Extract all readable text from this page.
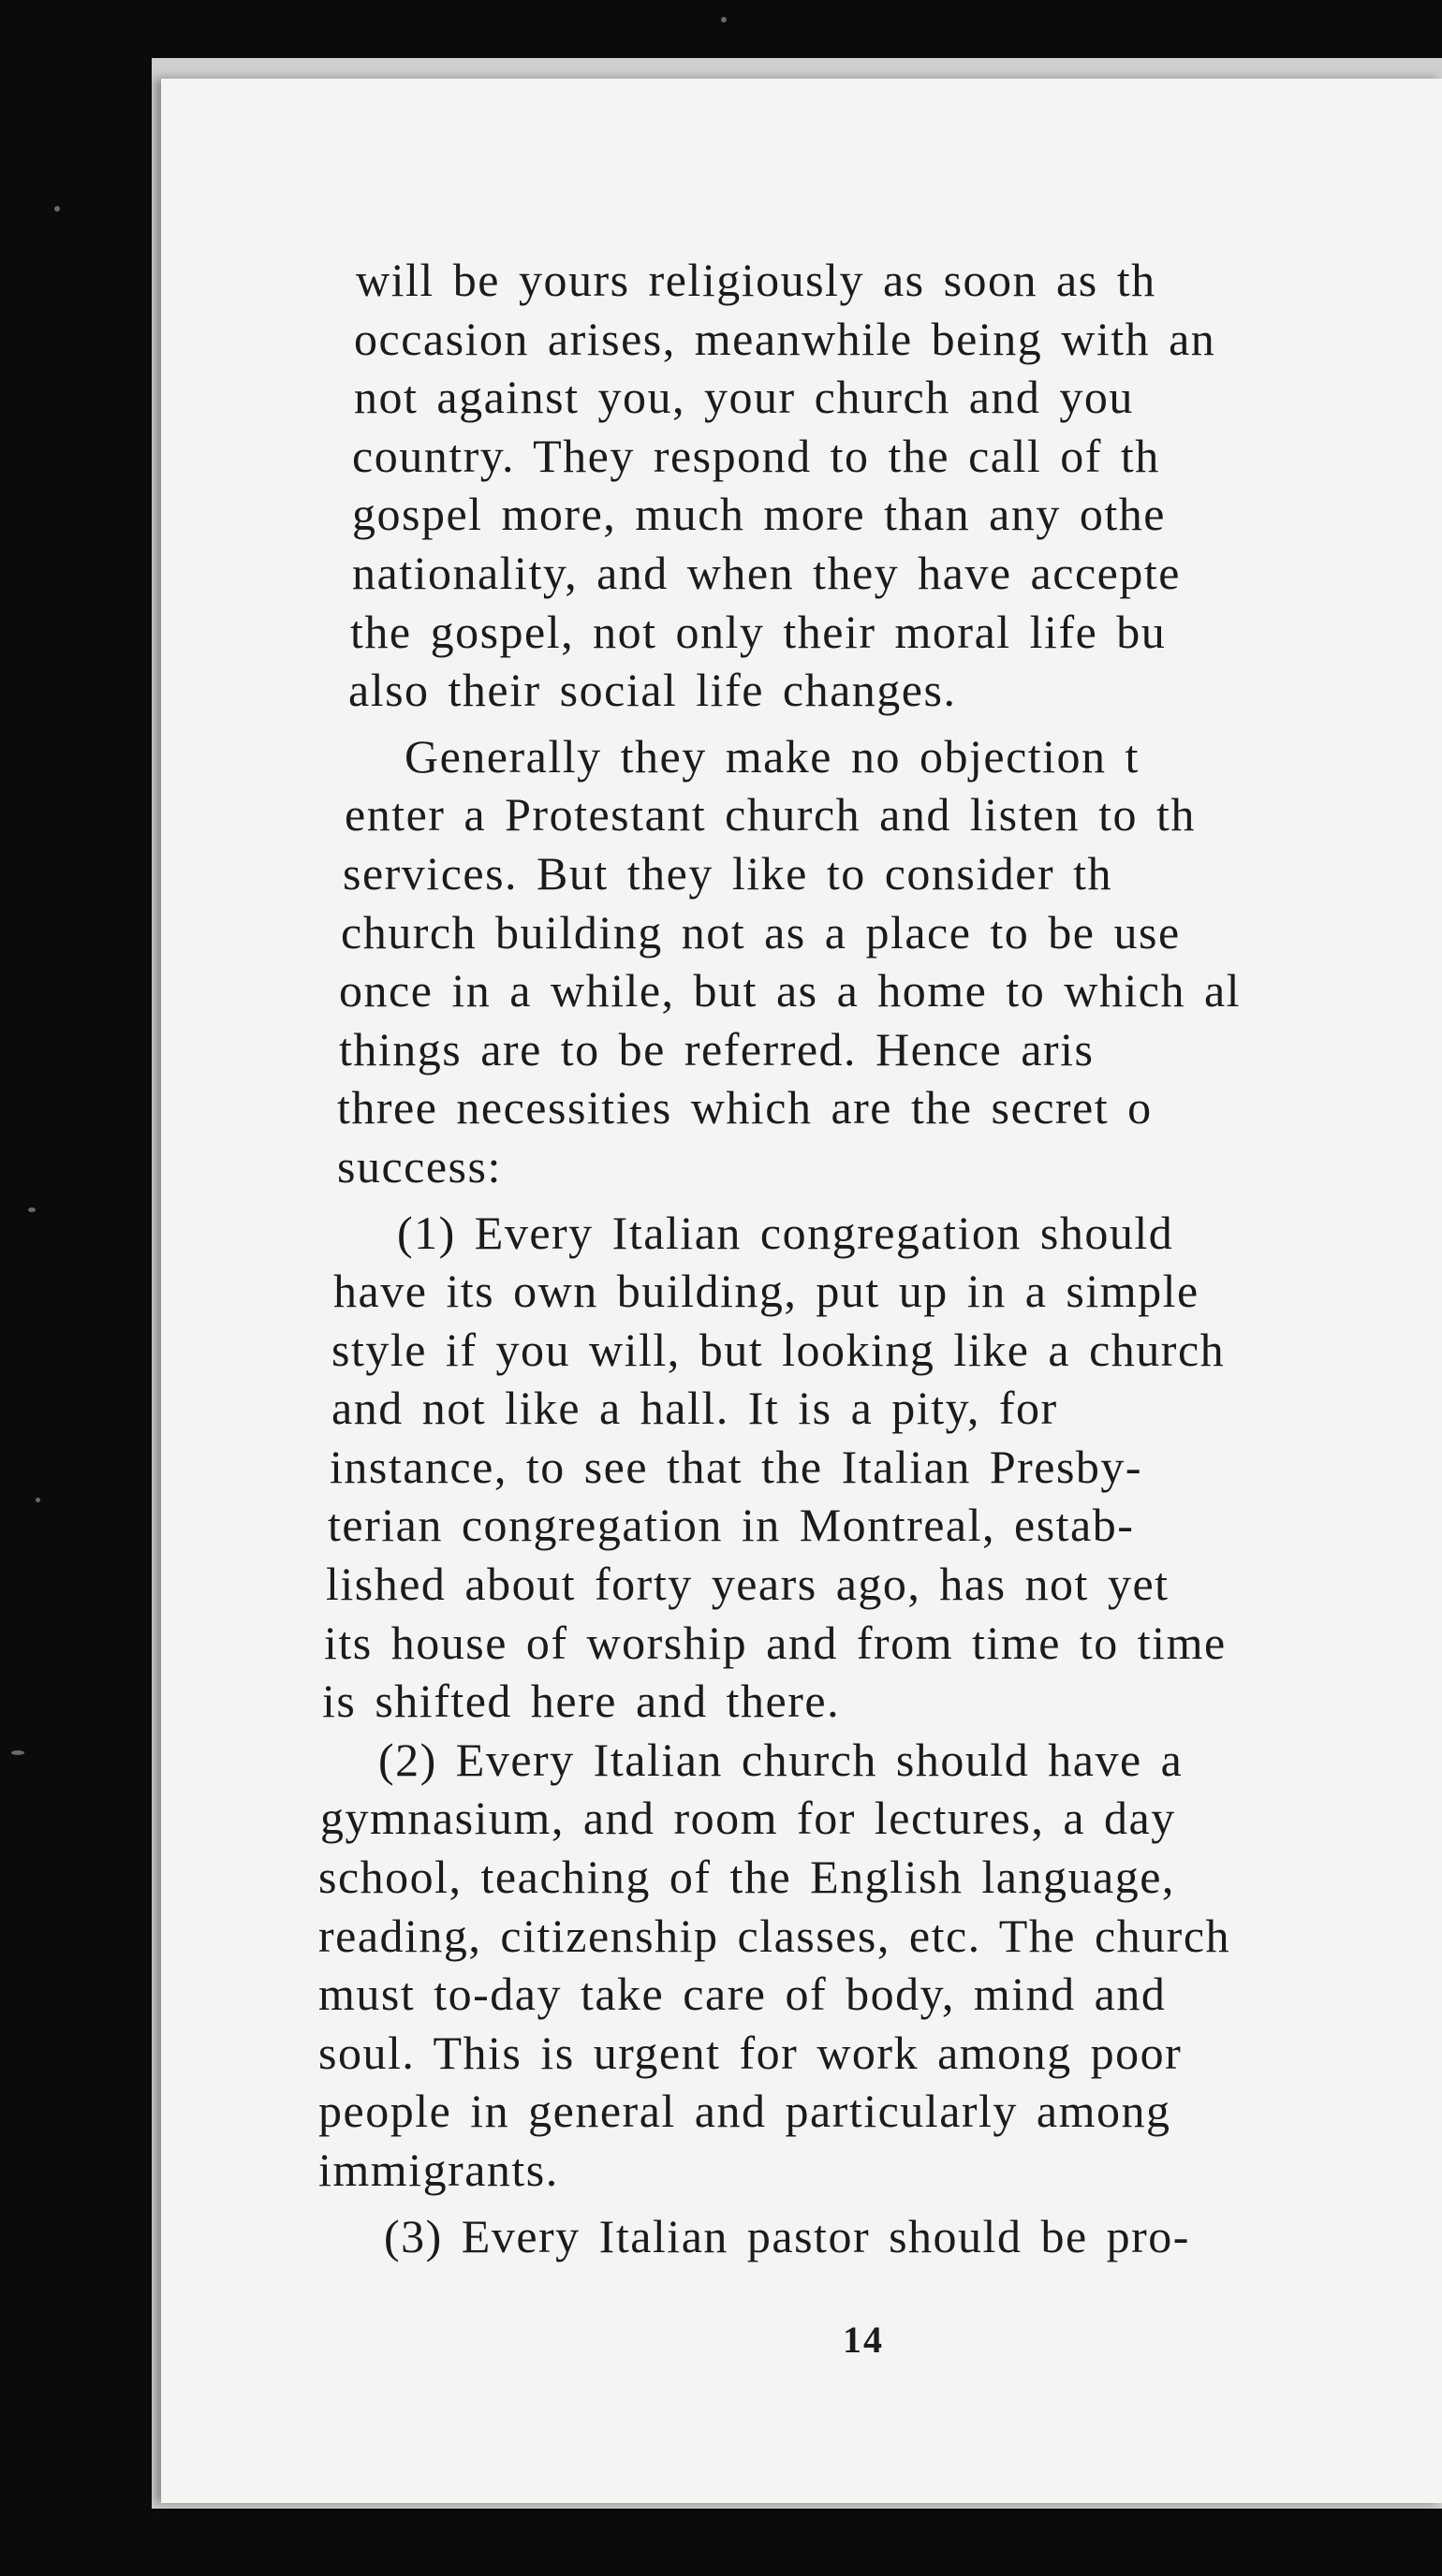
will be yours religiously as soon as th
occasion arises, meanwhile being with an
not against you, your church and you
country. They respond to the call of th
gospel more, much more than any othe
nationality, and when they have accepte
the gospel, not only their moral life bu
also their social life changes.
Generally they make no objection t
enter a Protestant church and listen to th
services. But they like to consider th
church building not as a place to be use
once in a while, but as a home to which al
things are to be referred. Hence aris
three necessities which are the secret o
success:
(1) Every Italian congregation should
have its own building, put up in a simple
style if you will, but looking like a church
and not like a hall. It is a pity, for
instance, to see that the Italian Presby-
terian congregation in Montreal, estab-
lished about forty years ago, has not yet
its house of worship and from time to time
is shifted here and there.
(2) Every Italian church should have a
gymnasium, and room for lectures, a day
school, teaching of the English language,
reading, citizenship classes, etc. The church
must to-day take care of body, mind and
soul. This is urgent for work among poor
people in general and particularly among
immigrants.
(3) Every Italian pastor should be pro-
14
